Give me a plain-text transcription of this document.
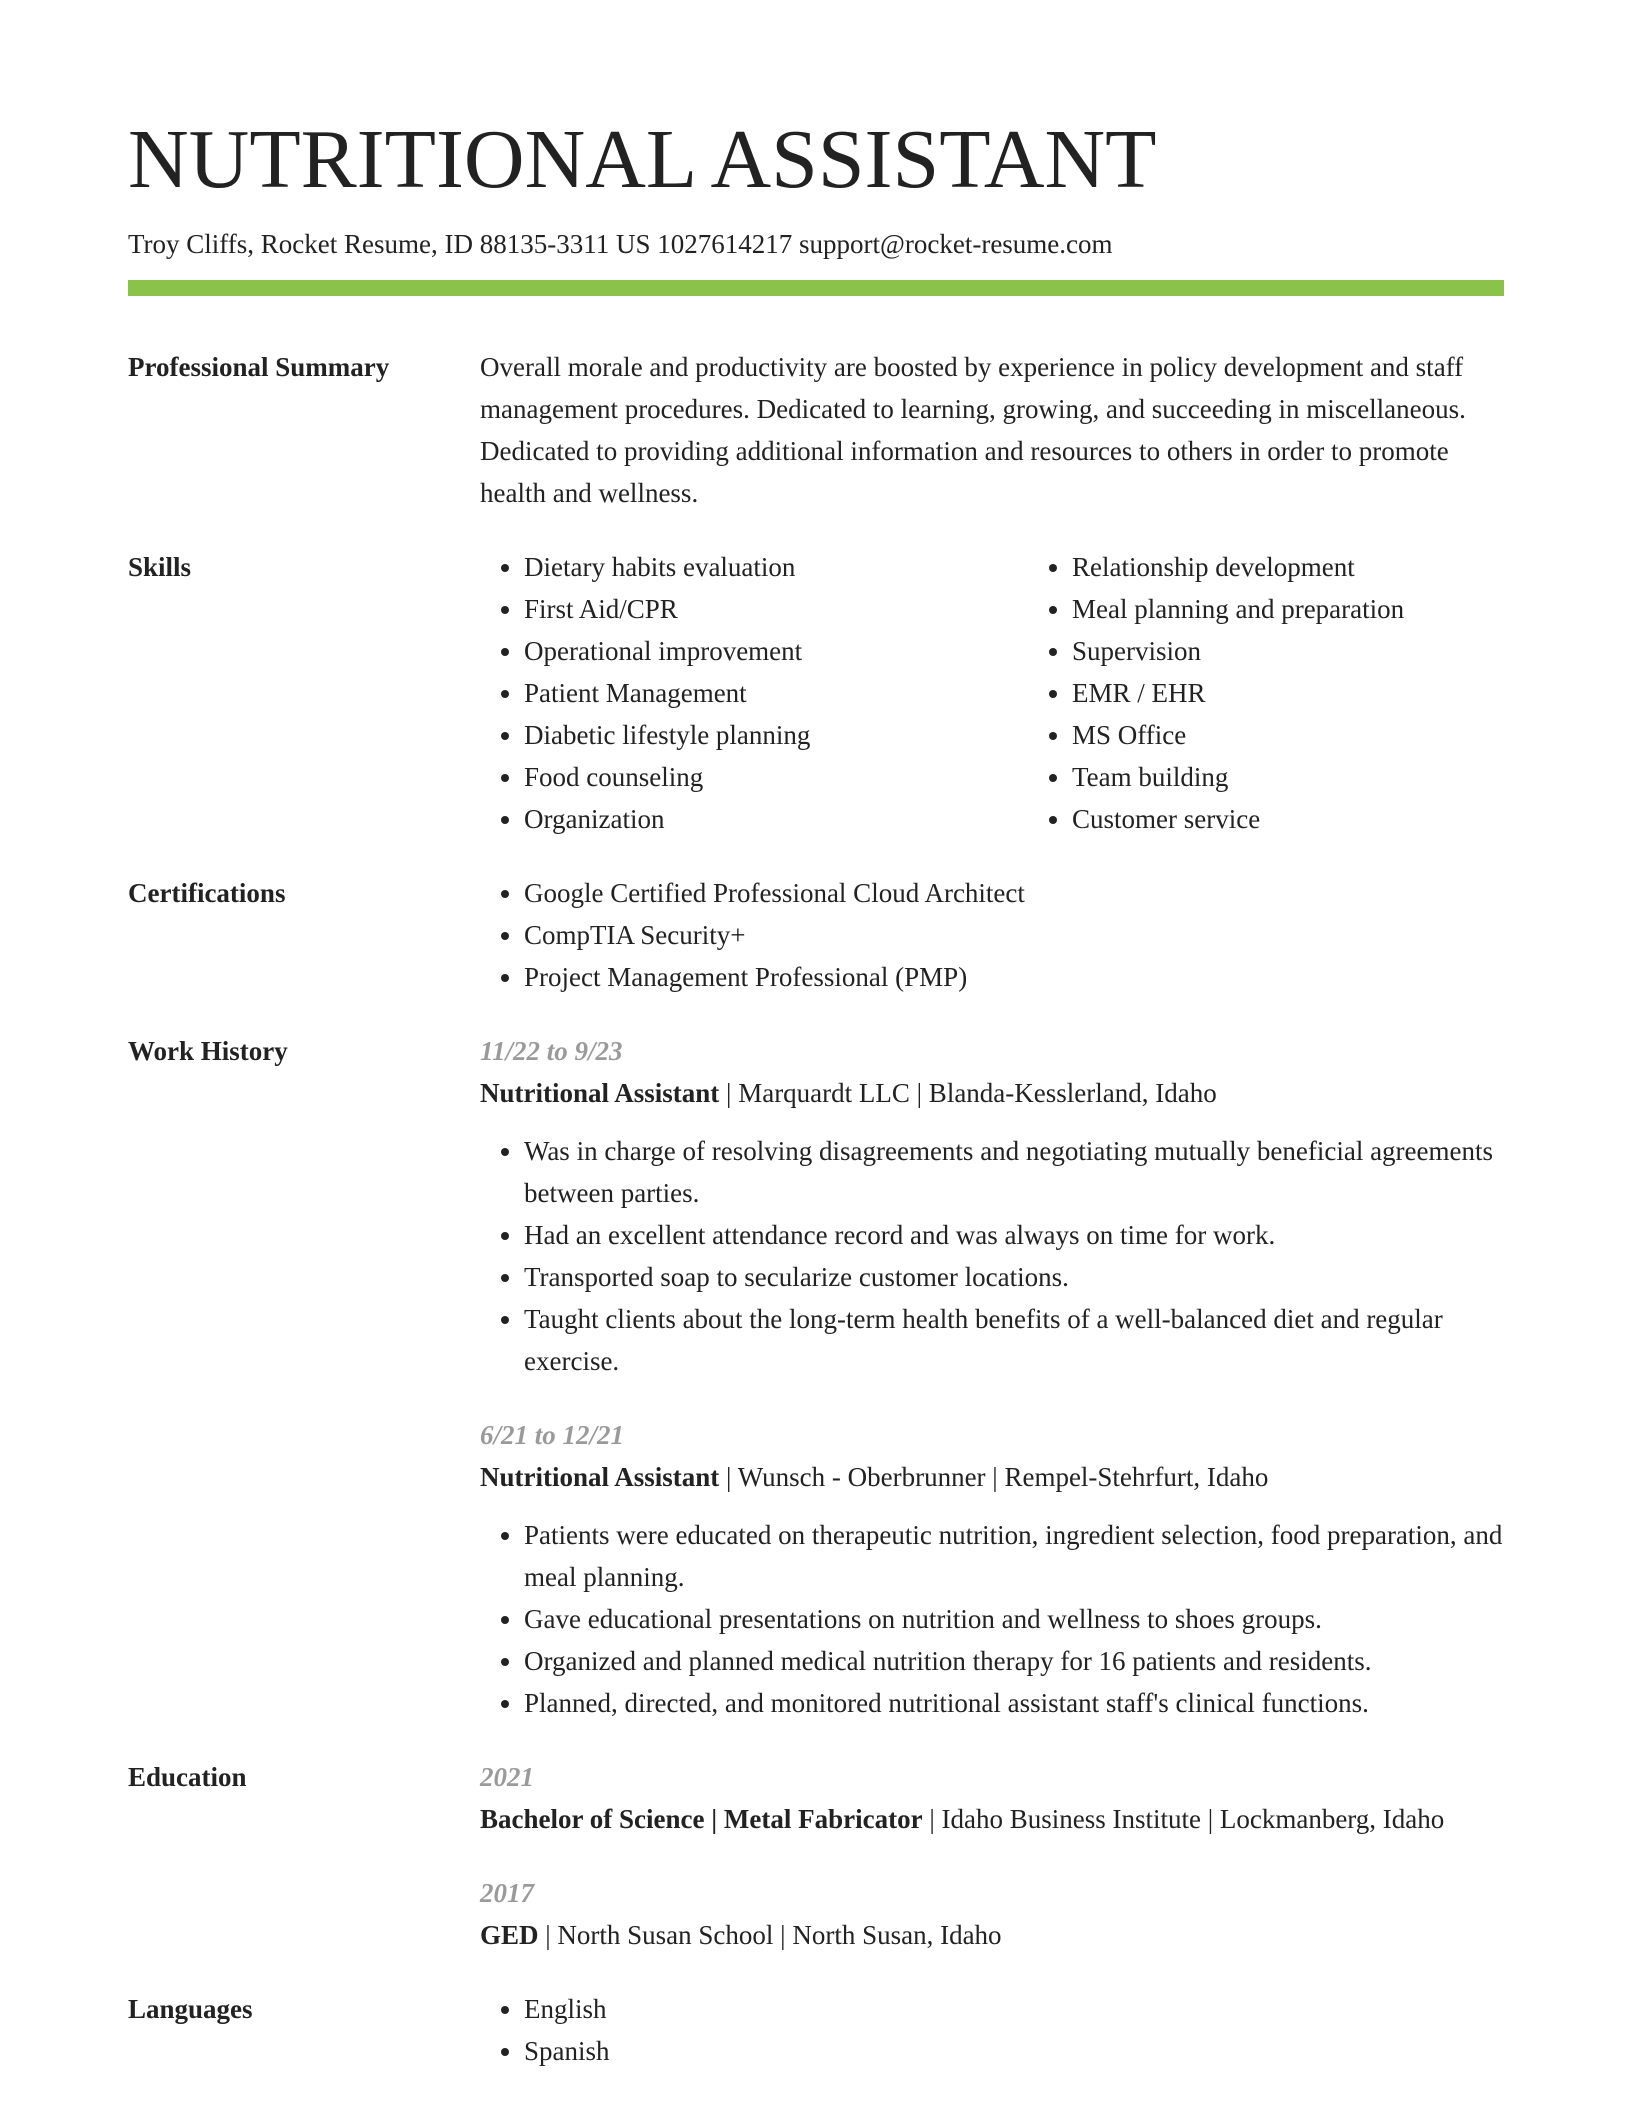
NUTRITIONAL ASSISTANT
Troy Cliffs, Rocket Resume, ID 88135-3311 US 1027614217 support@rocket-resume.com
Professional Summary	Overall morale and productivity are boosted by experience in policy development and staff management procedures. Dedicated to learning, growing, and succeeding in miscellaneous. Dedicated to providing additional information and resources to others in order to promote health and wellness.
Skills	• Dietary habits evaluation
• First Aid/CPR
• Operational improvement
• Patient Management
• Diabetic lifestyle planning
• Food counseling
• Organization
• Relationship development
• Meal planning and preparation
• Supervision
• EMR / EHR
• MS Office
• Team building
• Customer service
Certifications	• Google Certified Professional Cloud Architect
• CompTIA Security+
• Project Management Professional (PMP)
Work History	11/22 to 9/23
Nutritional Assistant | Marquardt LLC | Blanda-Kesslerland, Idaho
• Was in charge of resolving disagreements and negotiating mutually beneficial agreements between parties.
• Had an excellent attendance record and was always on time for work.
• Transported soap to secularize customer locations.
• Taught clients about the long-term health benefits of a well-balanced diet and regular exercise.
6/21 to 12/21
Nutritional Assistant | Wunsch - Oberbrunner | Rempel-Stehrfurt, Idaho
• Patients were educated on therapeutic nutrition, ingredient selection, food preparation, and meal planning.
• Gave educational presentations on nutrition and wellness to shoes groups.
• Organized and planned medical nutrition therapy for 16 patients and residents.
• Planned, directed, and monitored nutritional assistant staff's clinical functions.
Education	2021
Bachelor of Science | Metal Fabricator | Idaho Business Institute | Lockmanberg, Idaho
2017
GED | North Susan School | North Susan, Idaho
Languages	• English
• Spanish
